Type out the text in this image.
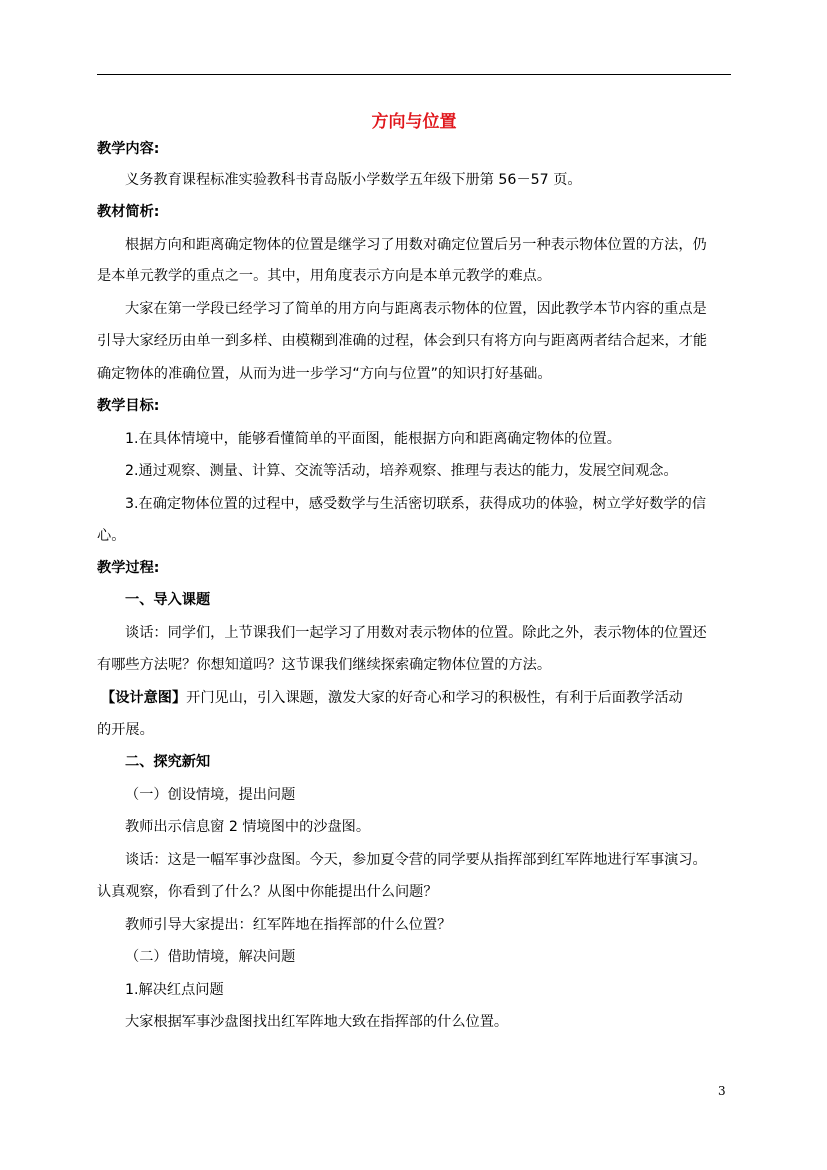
方向与位置
教学内容:
义务教育课程标准实验教科书青岛版小学数学五年级下册第 56－57 页。
教材简析:
根据方向和距离确定物体的位置是继学习了用数对确定位置后另一种表示物体位置的方法，仍
是本单元教学的重点之一。其中，用角度表示方向是本单元教学的难点。
大家在第一学段已经学习了简单的用方向与距离表示物体的位置，因此教学本节内容的重点是
引导大家经历由单一到多样、由模糊到准确的过程，体会到只有将方向与距离两者结合起来，才能
确定物体的准确位置，从而为进一步学习“方向与位置”的知识打好基础。
教学目标:
1.在具体情境中，能够看懂简单的平面图，能根据方向和距离确定物体的位置。
2.通过观察、测量、计算、交流等活动，培养观察、推理与表达的能力，发展空间观念。
3.在确定物体位置的过程中，感受数学与生活密切联系，获得成功的体验，树立学好数学的信
心。
教学过程:
一、导入课题
谈话：同学们，上节课我们一起学习了用数对表示物体的位置。除此之外，表示物体的位置还
有哪些方法呢？你想知道吗？这节课我们继续探索确定物体位置的方法。
【设计意图】开门见山，引入课题，激发大家的好奇心和学习的积极性，有利于后面教学活动
的开展。
二、探究新知
（一）创设情境，提出问题
教师出示信息窗 2 情境图中的沙盘图。
谈话：这是一幅军事沙盘图。今天，参加夏令营的同学要从指挥部到红军阵地进行军事演习。
认真观察，你看到了什么？从图中你能提出什么问题？
教师引导大家提出：红军阵地在指挥部的什么位置？
（二）借助情境，解决问题
1.解决红点问题
大家根据军事沙盘图找出红军阵地大致在指挥部的什么位置。
3
